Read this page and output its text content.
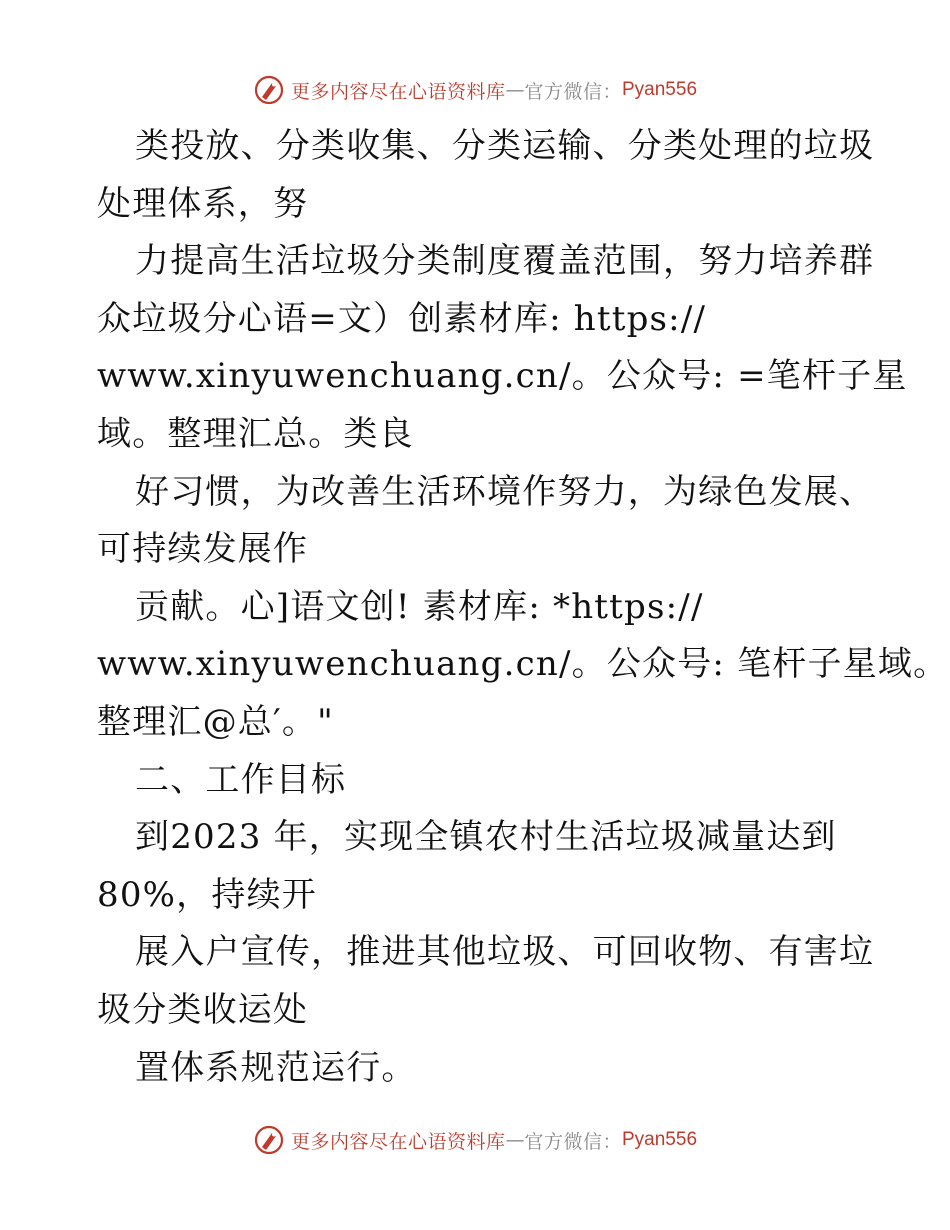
更多内容尽在心语资料库 — 官方微信： Pyan556
类投放、分类收集、分类运输、分类处理的垃圾
处理体系，努
力提高生活垃圾分类制度覆盖范围，努力培养群
众垃圾分心语=文）创素材库: https://
www.xinyuwenchuang.cn/。公众号: =笔杆子星
域。整理汇总。类良
好习惯，为改善生活环境作努力，为绿色发展、
可持续发展作
贡献。心]语文创! 素材库: *https://
www.xinyuwenchuang.cn/。公众号: 笔杆子星域。
整理汇@总′。"
二、工作目标
到2023 年，实现全镇农村生活垃圾减量达到
80%，持续开
展入户宣传，推进其他垃圾、可回收物、有害垃
圾分类收运处
置体系规范运行。
更多内容尽在心语资料库 — 官方微信： Pyan556
